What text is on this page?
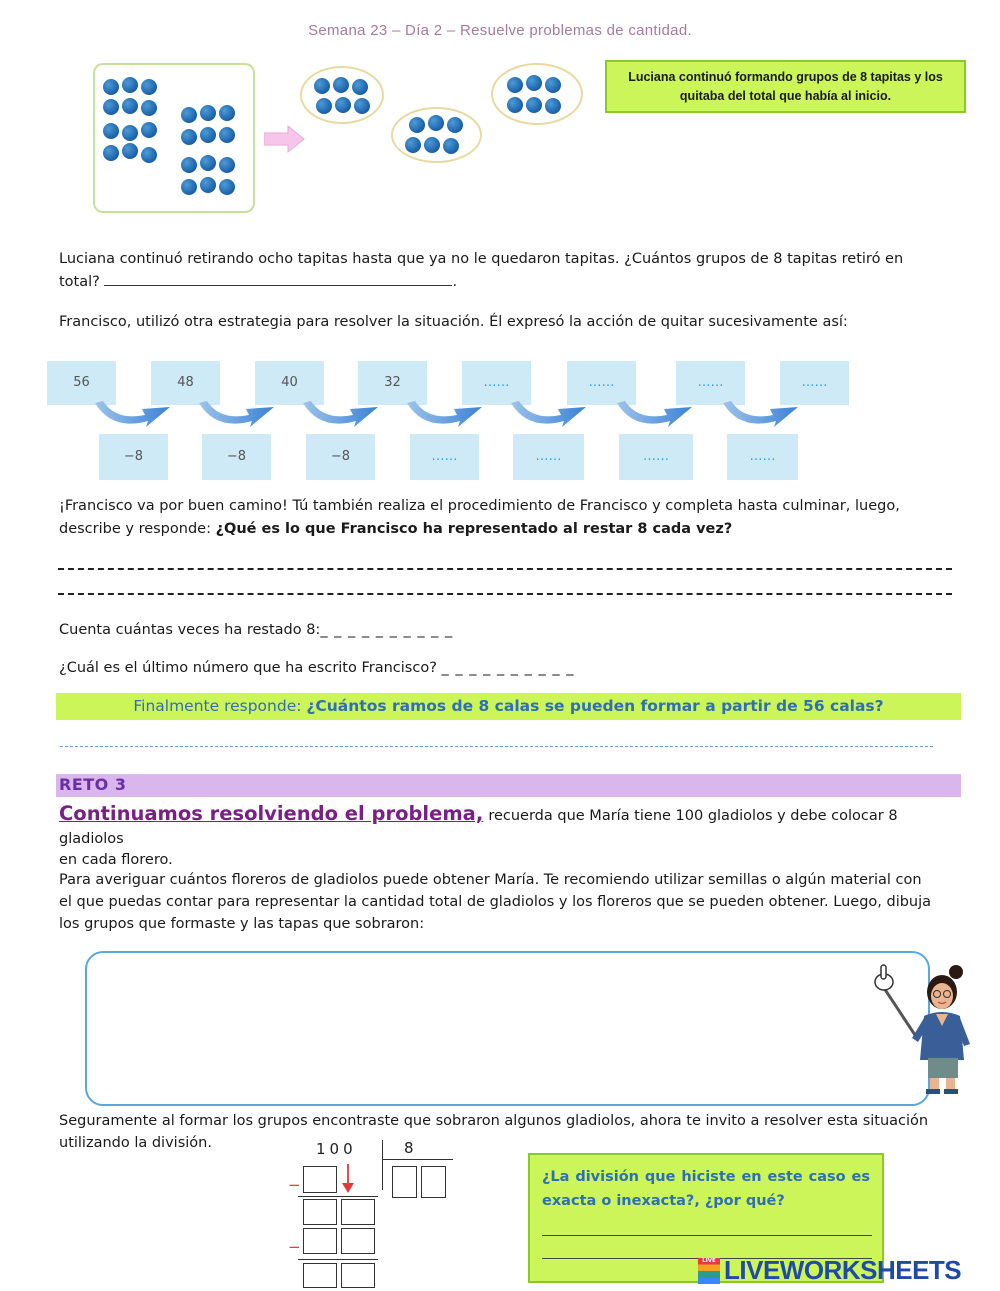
Semana 23 – Día 2 – Resuelve problemas de cantidad.
Luciana continuó formando grupos de 8 tapitas y los quitaba del total que había al inicio.
Luciana continuó retirando ocho tapitas hasta que ya no le quedaron tapitas. ¿Cuántos grupos de 8 tapitas retiró en
total?	.
Francisco, utilizó otra estrategia para resolver la situación. Él expresó la acción de quitar sucesivamente así:
56	48	40	32	……	……	……	……
−8	−8	−8	……	……	……	……
¡Francisco va por buen camino! Tú también realiza el procedimiento de Francisco y completa hasta culminar, luego,
describe y responde: ¿Qué es lo que Francisco ha representado al restar 8 cada vez?
Cuenta cuántas veces ha restado 8:_ _ _ _ _ _ _ _ _ _
¿Cuál es el último número que ha escrito Francisco? _ _ _ _ _ _ _ _ _ _
Finalmente responde: ¿Cuántos ramos de 8 calas se pueden formar a partir de 56 calas?
RETO 3
Continuamos resolviendo el problema, recuerda que María tiene 100 gladiolos y debe colocar 8 gladiolos
en cada florero.
Para averiguar cuántos floreros de gladiolos puede obtener María. Te recomiendo utilizar semillas o algún material con
el que puedas contar para representar la cantidad total de gladiolos y los floreros que se pueden obtener. Luego, dibuja
los grupos que formaste y las tapas que sobraron:
Seguramente al formar los grupos encontraste que sobraron algunos gladiolos, ahora te invito a resolver esta situación
utilizando la división.	100	8
−
−
¿La división que hiciste en este caso es exacta o inexacta?, ¿por qué?
LIVE LIVEWORKSHEETS
